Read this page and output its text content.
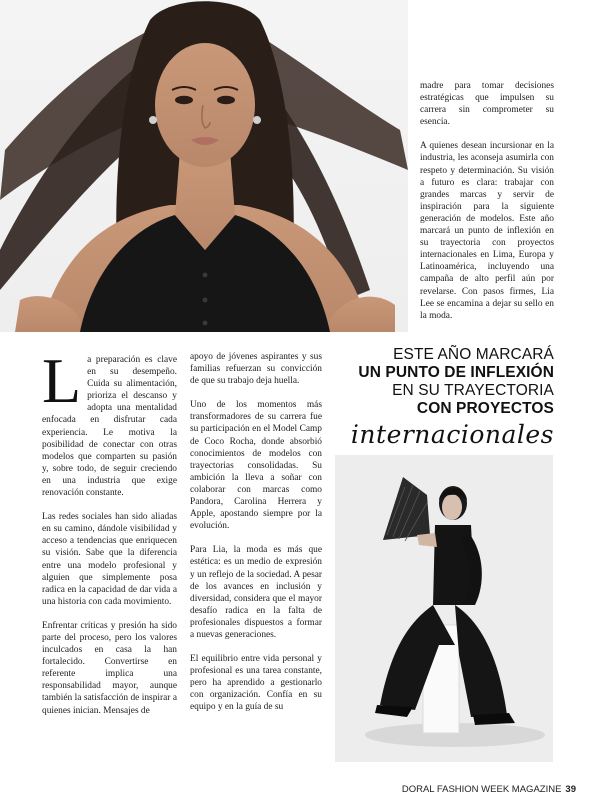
madre para tomar decisiones estratégicas que impulsen su carrera sin comprometer su esencia.

A quienes desean incursionar en la industria, les aconseja asumirla con respeto y determinación. Su visión a futuro es clara: trabajar con grandes marcas y servir de inspiración para la siguiente generación de modelos. Este año marcará un punto de inflexión en su trayectoria con proyectos internacionales en Lima, Europa y Latinoamérica, incluyendo una campaña de alto perfil aún por revelarse. Con pasos firmes, Lia Lee se encamina a dejar su sello en la moda.

La preparación es clave en su desempeño. Cuida su alimentación, prioriza el descanso y adopta una mentalidad enfocada en disfrutar cada experiencia. Le motiva la posibilidad de conectar con otras modelos que comparten su pasión y, sobre todo, de seguir creciendo en una industria que exige renovación constante.

Las redes sociales han sido aliadas en su camino, dándole visibilidad y acceso a tendencias que enriquecen su visión. Sabe que la diferencia entre una modelo profesional y alguien que simplemente posa radica en la capacidad de dar vida a una historia con cada movimiento.

Enfrentar críticas y presión ha sido parte del proceso, pero los valores inculcados en casa la han fortalecido. Convertirse en referente implica una responsabilidad mayor, aunque también la satisfacción de inspirar a quienes inician. Mensajes de

apoyo de jóvenes aspirantes y sus familias refuerzan su convicción de que su trabajo deja huella.

Uno de los momentos más transformadores de su carrera fue su participación en el Model Camp de Coco Rocha, donde absorbió conocimientos de modelos con trayectorias consolidadas. Su ambición la lleva a soñar con colaborar con marcas como Pandora, Carolina Herrera y Apple, apostando siempre por la evolución.

Para Lia, la moda es más que estética: es un medio de expresión y un reflejo de la sociedad. A pesar de los avances en inclusión y diversidad, considera que el mayor desafío radica en la falta de profesionales dispuestos a formar a nuevas generaciones.

El equilibrio entre vida personal y profesional es una tarea constante, pero ha aprendido a gestionarlo con organización. Confía en su equipo y en la guía de su

ESTE AÑO MARCARÁ
UN PUNTO DE INFLEXIÓN
EN SU TRAYECTORIA
CON PROYECTOS
internacionales
DORAL FASHION WEEK MAGAZINE 39
